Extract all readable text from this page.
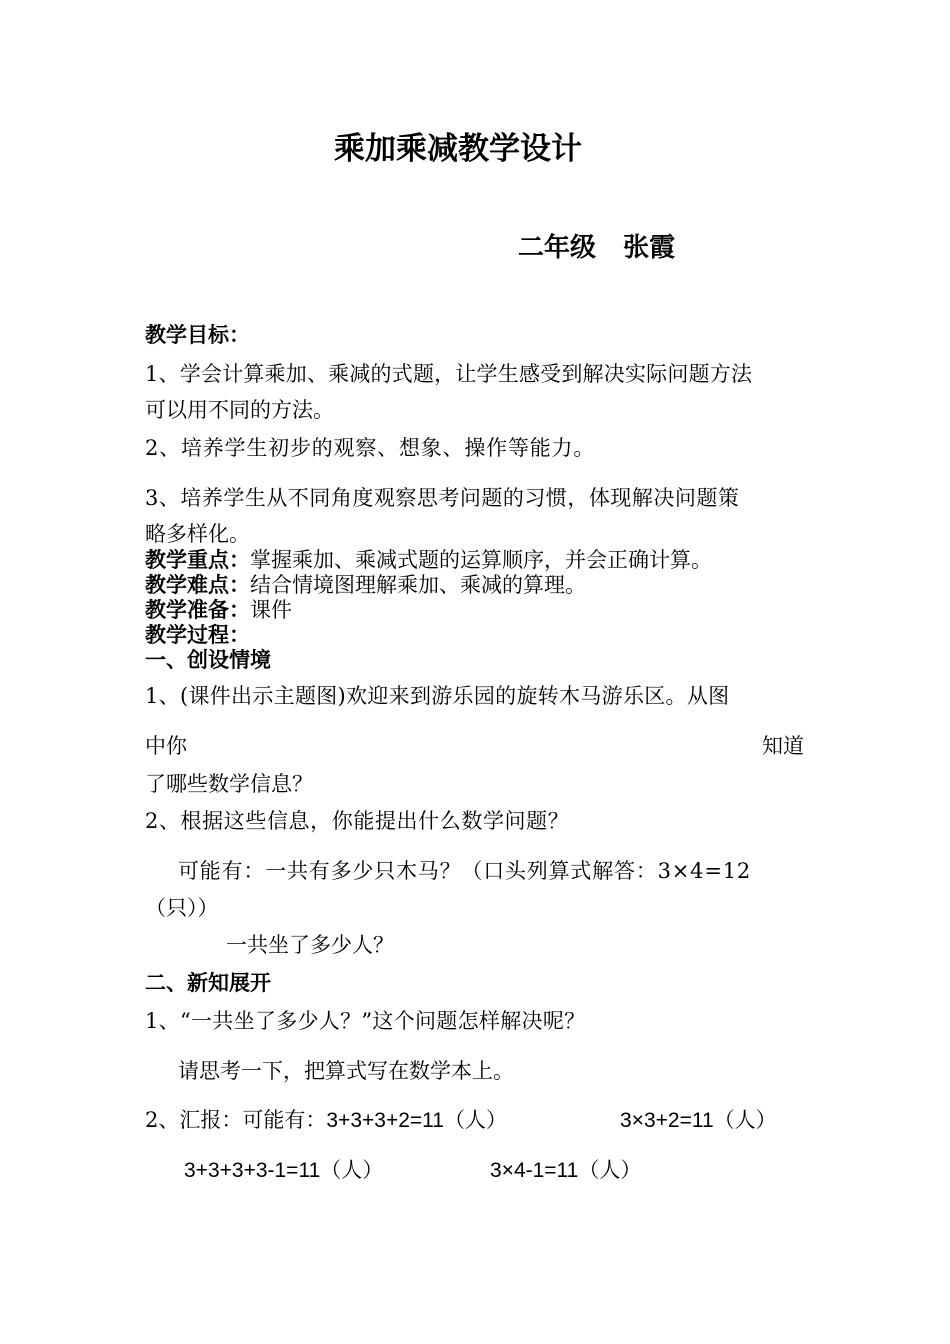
乘加乘减教学设计
二年级   张霞
教学目标：
1、学会计算乘加、乘减的式题，让学生感受到解决实际问题方法
可以用不同的方法。
2、培养学生初步的观察、想象、操作等能力。
3、培养学生从不同角度观察思考问题的习惯，体现解决问题策
略多样化。
教学重点：掌握乘加、乘减式题的运算顺序，并会正确计算。
教学难点：结合情境图理解乘加、乘减的算理。
教学准备：课件
教学过程：
一、创设情境
1、(课件出示主题图)欢迎来到游乐园的旋转木马游乐区。从图
中你	知道
了哪些数学信息？
2、根据这些信息，你能提出什么数学问题？
可能有：一共有多少只木马？（口头列算式解答：3×4=12
（只））
一共坐了多少人？
二、新知展开
1、“一共坐了多少人？”这个问题怎样解决呢？
请思考一下，把算式写在数学本上。
2、汇报：可能有：3+3+3+2=11（人）	3×3+2=11（人）
3+3+3+3-1=11（人）	3×4-1=11（人）
